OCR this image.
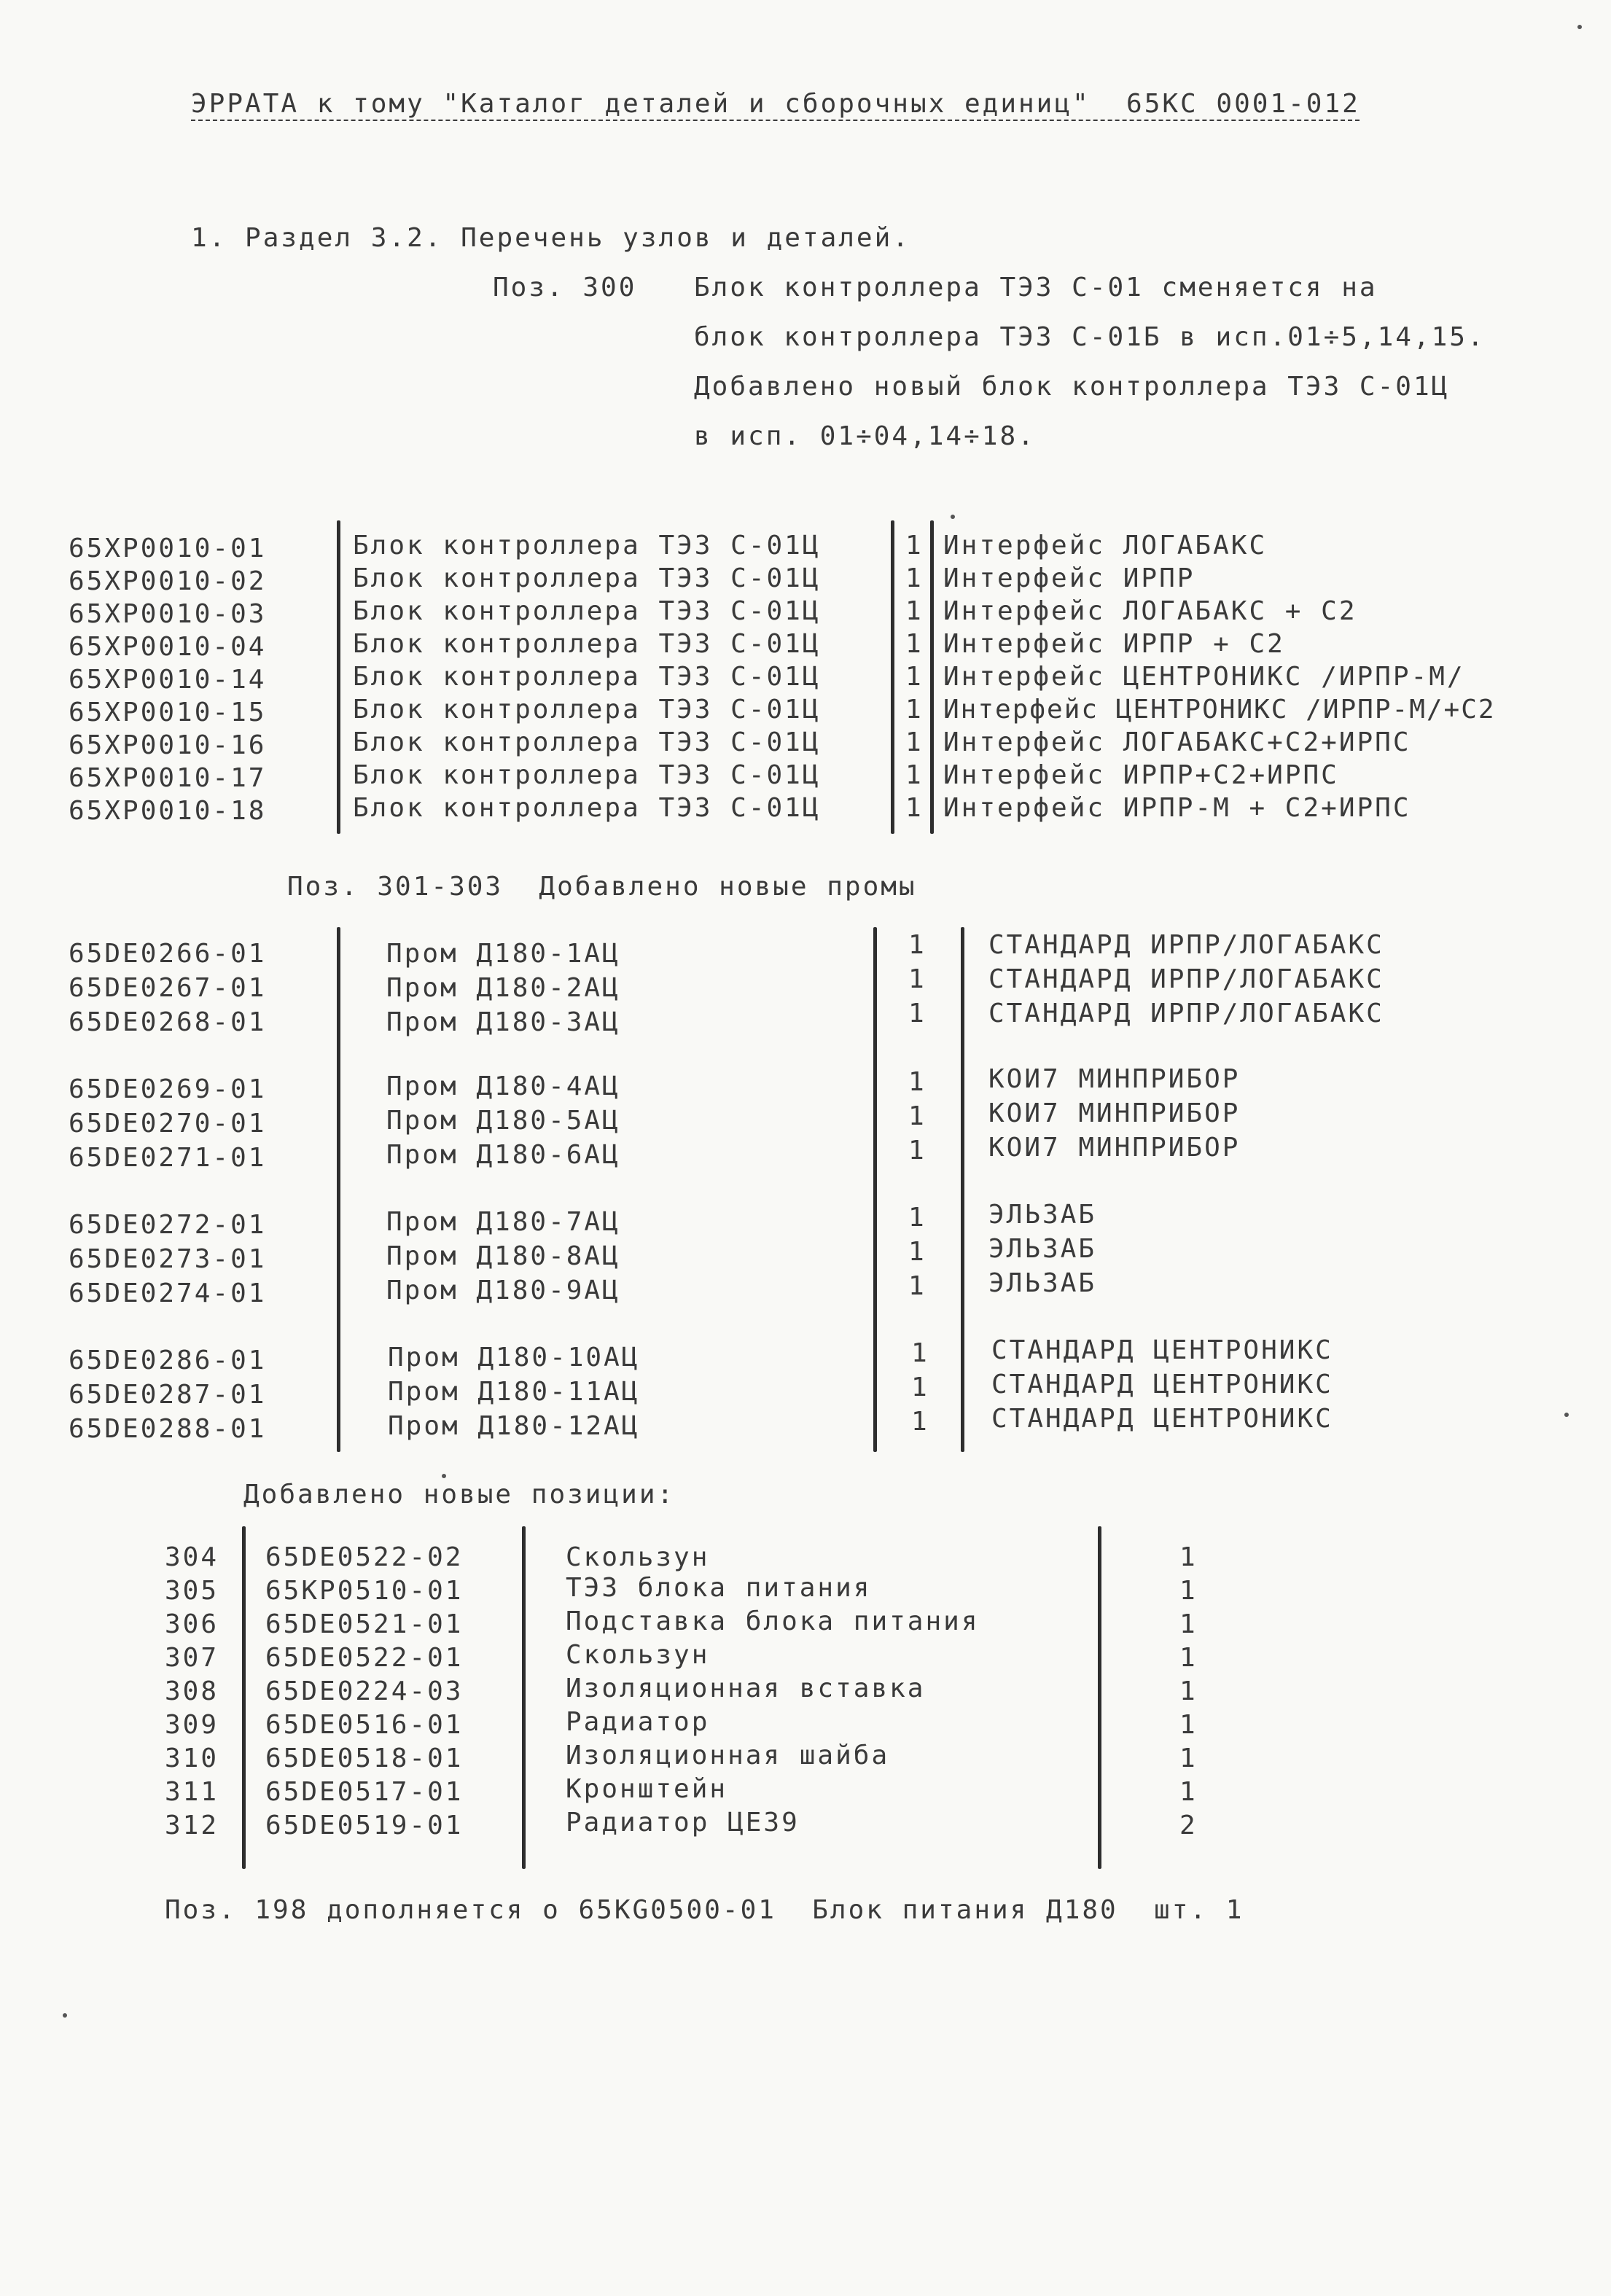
ЭРРАТА к тому "Каталог деталей и сборочных единиц"  65КС 0001-012
1. Раздел 3.2. Перечень узлов и деталей.
Поз. 300 Блок контроллера ТЭЗ С-01 сменяется на
блок контроллера ТЭЗ С-01Б в исп.01÷5,14,15.
Добавлено новый блок контроллера ТЭЗ С-01Ц
в исп. 01÷04,14÷18.
65ХР0010-01	Блок контроллера ТЭЗ С-01Ц	1 Интерфейс ЛОГАБАКС
65ХР0010-02	Блок контроллера ТЭЗ С-01Ц	1 Интерфейс ИРПР
65ХР0010-03	Блок контроллера ТЭЗ С-01Ц	1 Интерфейс ЛОГАБАКС + С2
65ХР0010-04	Блок контроллера ТЭЗ С-01Ц	1 Интерфейс ИРПР + С2
65ХР0010-14	Блок контроллера ТЭЗ С-01Ц	1 Интерфейс ЦЕНТРОНИКС /ИРПР-М/
65ХР0010-15	Блок контроллера ТЭЗ С-01Ц	1 Интерфейс ЦЕНТРОНИКС /ИРПР-М/+С2
65ХР0010-16	Блок контроллера ТЭЗ С-01Ц	1 Интерфейс ЛОГАБАКС+С2+ИРПС
65ХР0010-17	Блок контроллера ТЭЗ С-01Ц	1 Интерфейс ИРПР+С2+ИРПС
65ХР0010-18	Блок контроллера ТЭЗ С-01Ц	1 Интерфейс ИРПР-М + С2+ИРПС
Поз. 301-303  Добавлено новые промы
65DЕ0266-01	Пром Д180-1АЦ	1 СТАНДАРД ИРПР/ЛОГАБАКС
65DЕ0267-01	Пром Д180-2АЦ	1 СТАНДАРД ИРПР/ЛОГАБАКС
65DЕ0268-01	Пром Д180-3АЦ	1 СТАНДАРД ИРПР/ЛОГАБАКС
65DЕ0269-01	Пром Д180-4АЦ	1 КОИ7 МИНПРИБОР
65DЕ0270-01	Пром Д180-5АЦ	1 КОИ7 МИНПРИБОР
65DЕ0271-01	Пром Д180-6АЦ	1 КОИ7 МИНПРИБОР
65DЕ0272-01	Пром Д180-7АЦ	1 ЭЛЬЗАБ
65DЕ0273-01	Пром Д180-8АЦ	1 ЭЛЬЗАБ
65DЕ0274-01	Пром Д180-9АЦ	1 ЭЛЬЗАБ
65DЕ0286-01	Пром Д180-10АЦ	1 СТАНДАРД ЦЕНТРОНИКС
65DЕ0287-01	Пром Д180-11АЦ	1 СТАНДАРД ЦЕНТРОНИКС
65DЕ0288-01	Пром Д180-12АЦ	1 СТАНДАРД ЦЕНТРОНИКС
Добавлено новые позиции:
304 65DЕ0522-02	Скользун	1
305 65КР0510-01	ТЭЗ блока питания	1
306 65DЕ0521-01	Подставка блока питания	1
307 65DЕ0522-01	Скользун	1
308 65DЕ0224-03	Изоляционная вставка	1
309 65DЕ0516-01	Радиатор	1
310 65DЕ0518-01	Изоляционная шайба	1
311 65DЕ0517-01	Кронштейн	1
312 65DЕ0519-01	Радиатор ЦЕ39	2
Поз. 198 дополняется о 65КG0500-01  Блок питания Д180  шт. 1
